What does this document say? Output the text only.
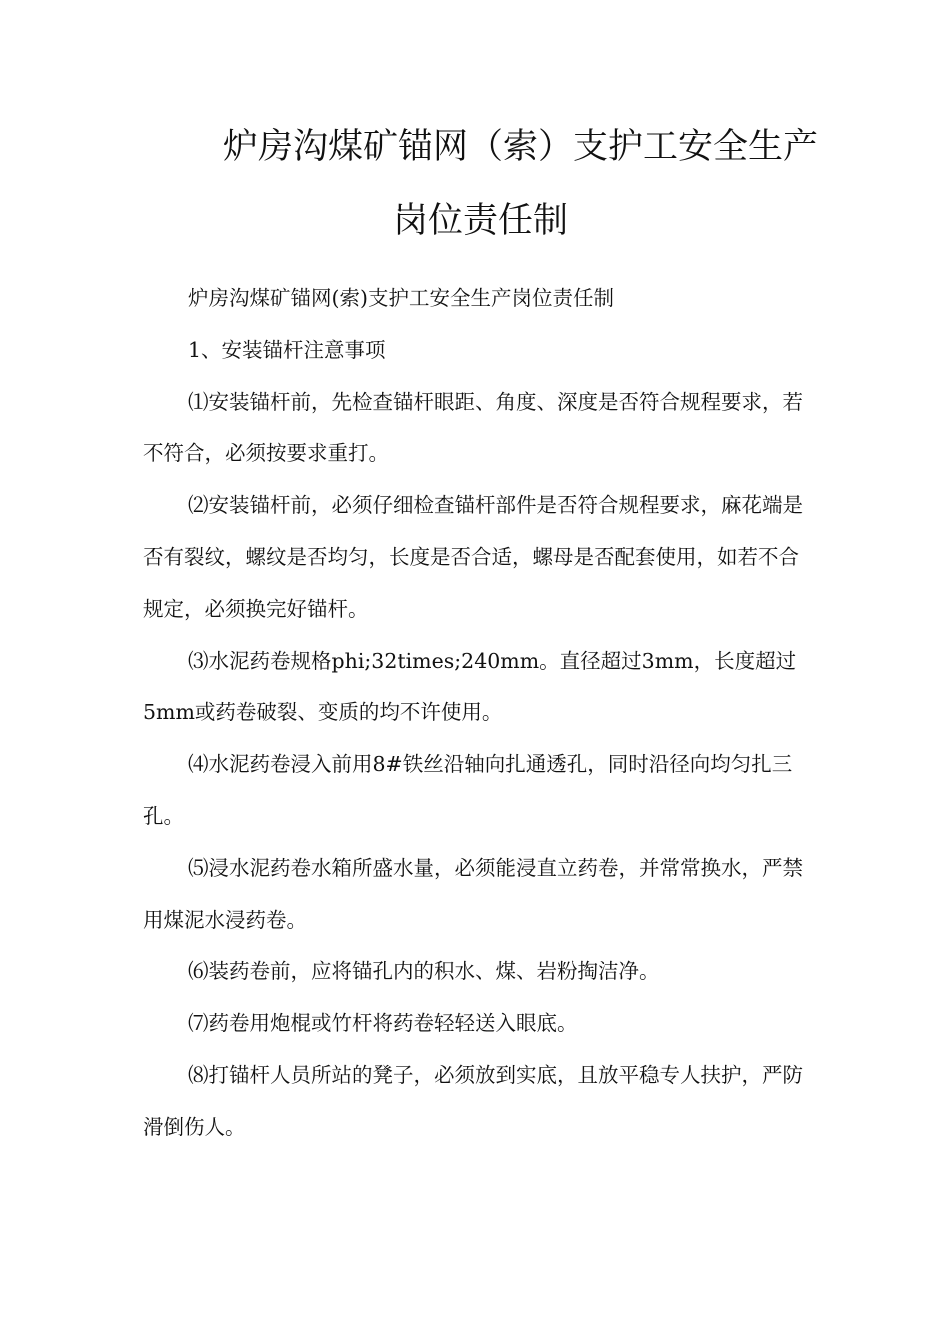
炉房沟煤矿锚网（索）支护工安全生产
岗位责任制

炉房沟煤矿锚网(索)支护工安全生产岗位责任制

1、安装锚杆注意事项

⑴安装锚杆前，先检查锚杆眼距、角度、深度是否符合规程要求，若不符合，必须按要求重打。

⑵安装锚杆前，必须仔细检查锚杆部件是否符合规程要求，麻花端是否有裂纹，螺纹是否均匀，长度是否合适，螺母是否配套使用，如若不合规定，必须换完好锚杆。

⑶水泥药卷规格phi;32times;240mm。直径超过3mm，长度超过5mm或药卷破裂、变质的均不许使用。

⑷水泥药卷浸入前用8#铁丝沿轴向扎通透孔，同时沿径向均匀扎三孔。

⑸浸水泥药卷水箱所盛水量，必须能浸直立药卷，并常常换水，严禁用煤泥水浸药卷。

⑹装药卷前，应将锚孔内的积水、煤、岩粉掏洁净。

⑺药卷用炮棍或竹杆将药卷轻轻送入眼底。

⑻打锚杆人员所站的凳子，必须放到实底，且放平稳专人扶护，严防滑倒伤人。
